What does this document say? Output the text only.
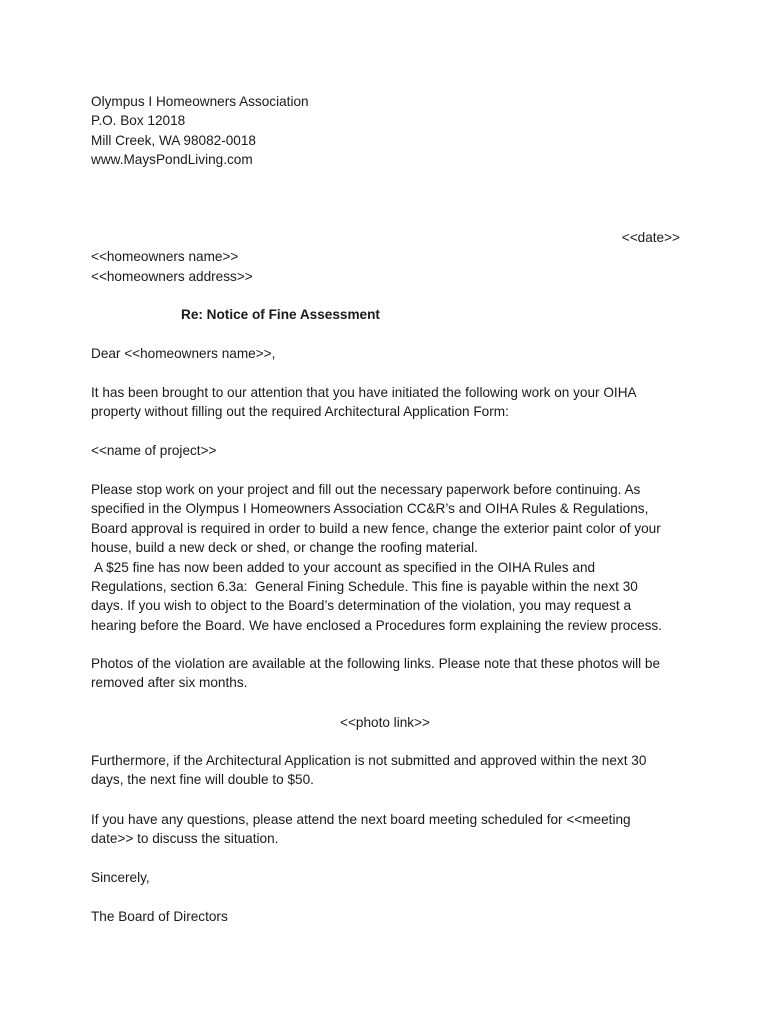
Olympus I Homeowners Association
P.O. Box 12018
Mill Creek, WA 98082-0018
www.MaysPondLiving.com
<<date>>
<<homeowners name>>
<<homeowners address>>
Re: Notice of Fine Assessment
Dear <<homeowners name>>,

It has been brought to our attention that you have initiated the following work on your OIHA

property without filling out the required Architectural Application Form:

<<name of project>>

Please stop work on your project and fill out the necessary paperwork before continuing. As

specified in the Olympus I Homeowners Association CC&R’s and OIHA Rules & Regulations,

Board approval is required in order to build a new fence, change the exterior paint color of your

house, build a new deck or shed, or change the roofing material.

A $25 fine has now been added to your account as specified in the OIHA Rules and

Regulations, section 6.3a:  General Fining Schedule. This fine is payable within the next 30

days. If you wish to object to the Board’s determination of the violation, you may request a

hearing before the Board. We have enclosed a Procedures form explaining the review process.

Photos of the violation are available at the following links. Please note that these photos will be

removed after six months.

<<photo link>>

Furthermore, if the Architectural Application is not submitted and approved within the next 30

days, the next fine will double to $50.

If you have any questions, please attend the next board meeting scheduled for <<meeting

date>> to discuss the situation.

Sincerely,
The Board of Directors
